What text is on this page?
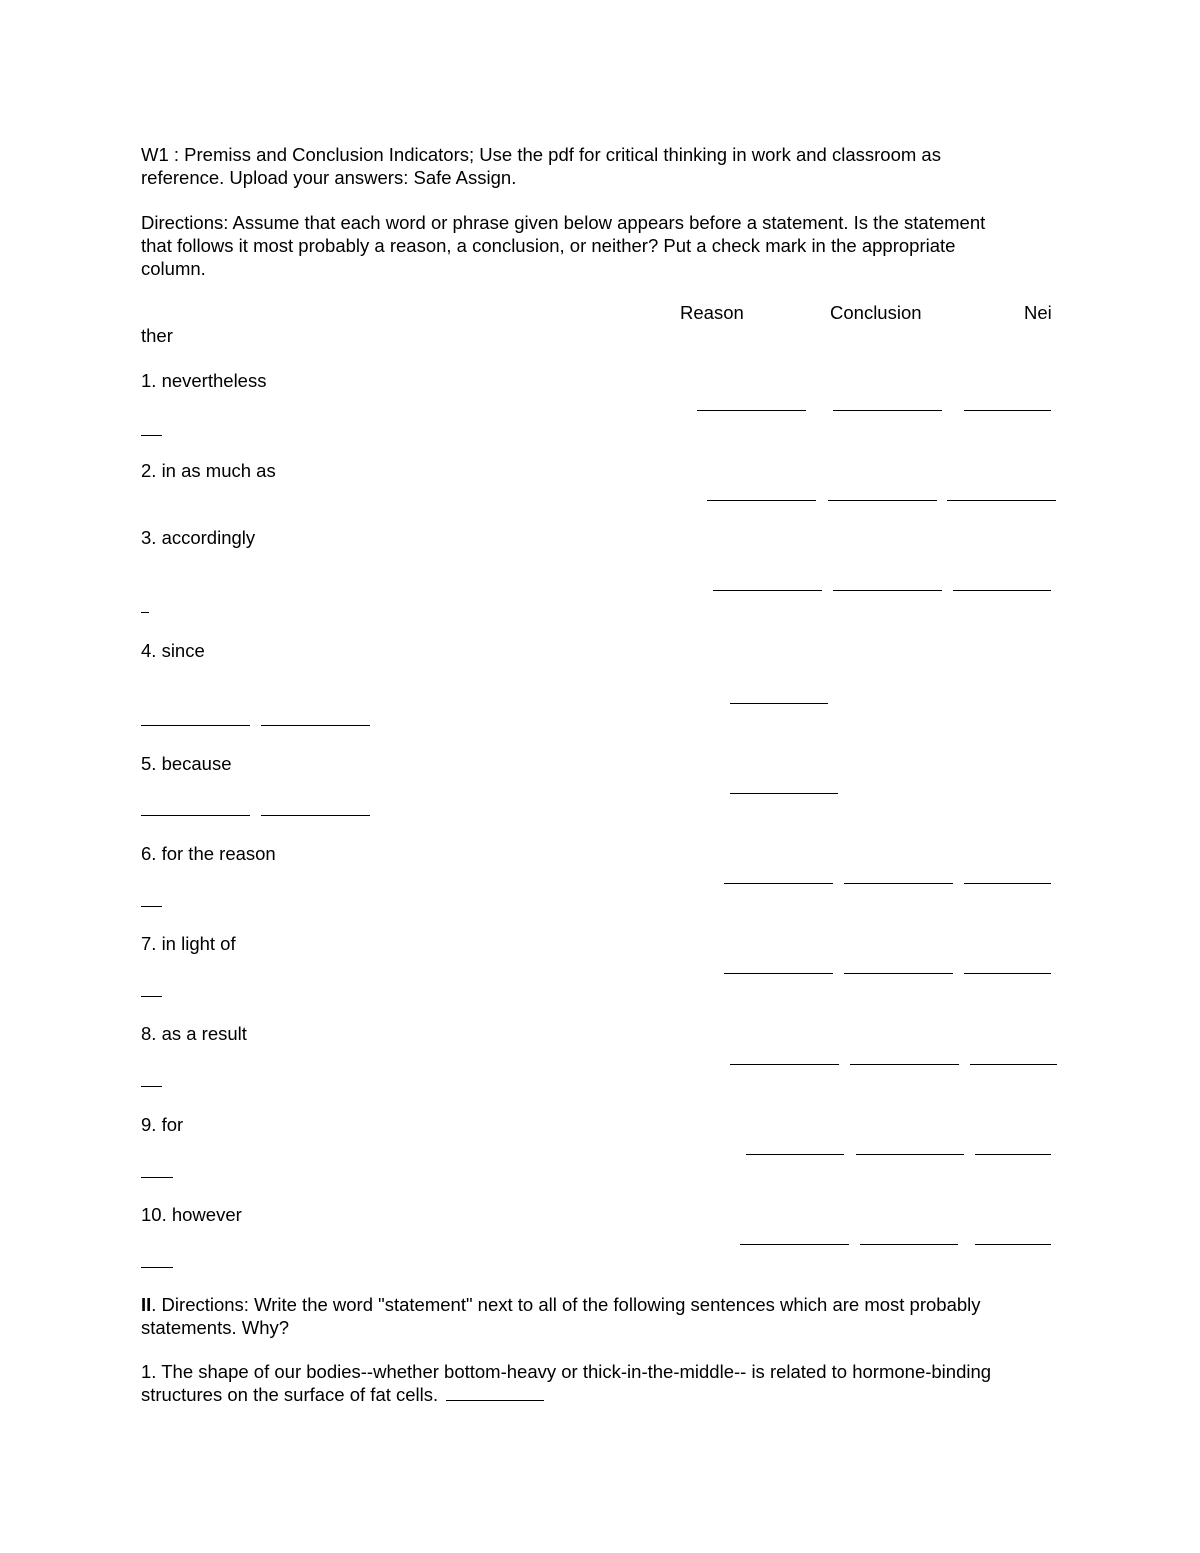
W1 : Premiss and Conclusion Indicators; Use the pdf for critical thinking in work and classroom as
reference. Upload your answers: Safe Assign.
Directions: Assume that each word or phrase given below appears before a statement. Is the statement
that follows it most probably a reason, a conclusion, or neither? Put a check mark in the appropriate
column.
Reason	Conclusion	Nei
ther
1. nevertheless
2. in as much as
3. accordingly
4. since
5. because
6. for the reason
7. in light of
8. as a result
9. for
10. however
II. Directions: Write the word "statement" next to all of the following sentences which are most probably
statements. Why?
1. The shape of our bodies--whether bottom-heavy or thick-in-the-middle-- is related to hormone-binding
structures on the surface of fat cells.
